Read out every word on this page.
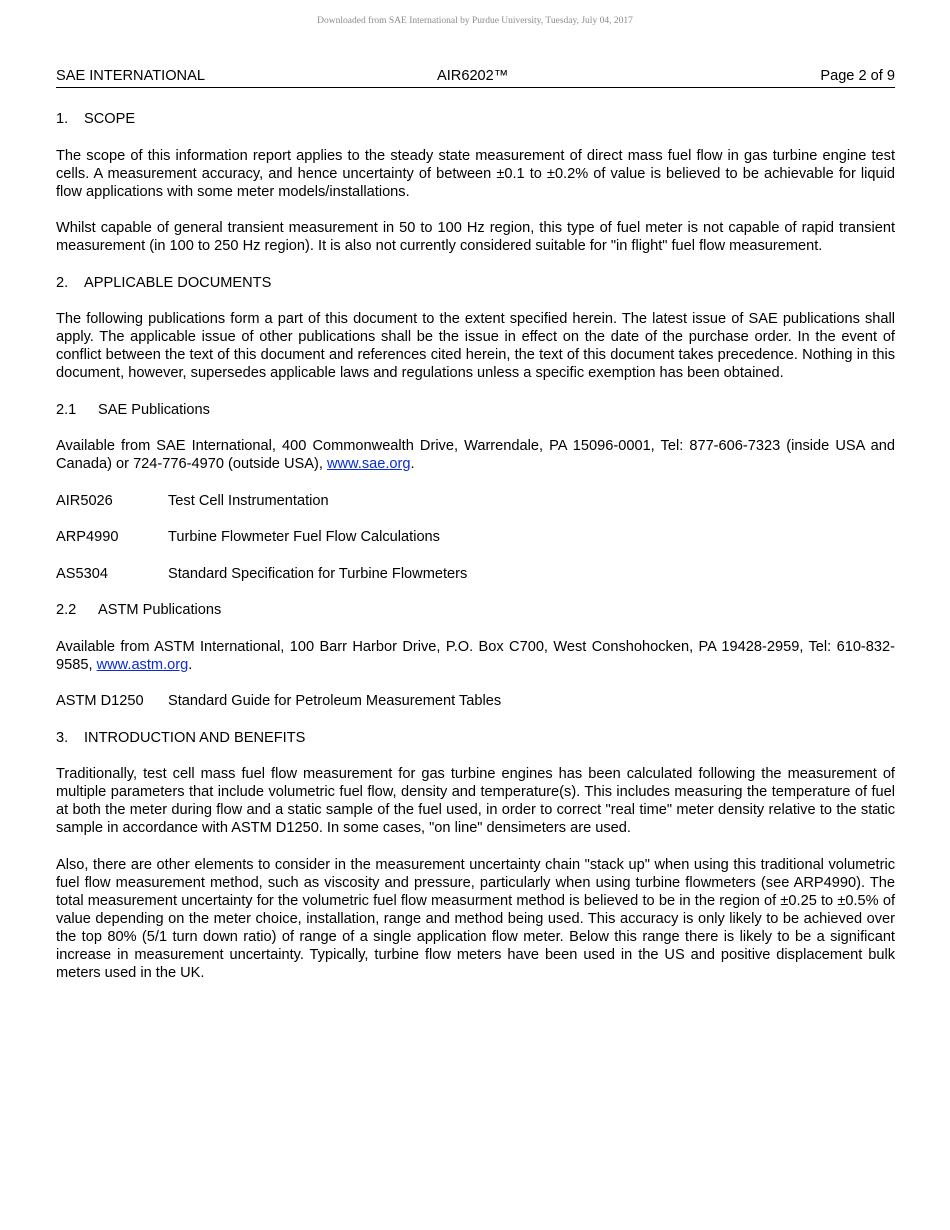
Downloaded from SAE International by Purdue University, Tuesday, July 04, 2017
SAE INTERNATIONAL	AIR6202™	Page 2 of 9

1. SCOPE

The scope of this information report applies to the steady state measurement of direct mass fuel flow in gas turbine engine test cells. A measurement accuracy, and hence uncertainty of between ±0.1 to ±0.2% of value is believed to be achievable for liquid flow applications with some meter models/installations.

Whilst capable of general transient measurement in 50 to 100 Hz region, this type of fuel meter is not capable of rapid transient measurement (in 100 to 250 Hz region). It is also not currently considered suitable for "in flight" fuel flow measurement.

2. APPLICABLE DOCUMENTS

The following publications form a part of this document to the extent specified herein. The latest issue of SAE publications shall apply. The applicable issue of other publications shall be the issue in effect on the date of the purchase order. In the event of conflict between the text of this document and references cited herein, the text of this document takes precedence. Nothing in this document, however, supersedes applicable laws and regulations unless a specific exemption has been obtained.

2.1 SAE Publications

Available from SAE International, 400 Commonwealth Drive, Warrendale, PA 15096-0001, Tel: 877-606-7323 (inside USA and Canada) or 724-776-4970 (outside USA), www.sae.org.

AIR5026	Test Cell Instrumentation

ARP4990	Turbine Flowmeter Fuel Flow Calculations

AS5304	Standard Specification for Turbine Flowmeters

2.2 ASTM Publications

Available from ASTM International, 100 Barr Harbor Drive, P.O. Box C700, West Conshohocken, PA 19428-2959, Tel: 610-832-9585, www.astm.org.

ASTM D1250	Standard Guide for Petroleum Measurement Tables

3. INTRODUCTION AND BENEFITS

Traditionally, test cell mass fuel flow measurement for gas turbine engines has been calculated following the measurement of multiple parameters that include volumetric fuel flow, density and temperature(s). This includes measuring the temperature of fuel at both the meter during flow and a static sample of the fuel used, in order to correct "real time" meter density relative to the static sample in accordance with ASTM D1250. In some cases, "on line" densimeters are used.

Also, there are other elements to consider in the measurement uncertainty chain "stack up" when using this traditional volumetric fuel flow measurement method, such as viscosity and pressure, particularly when using turbine flowmeters (see ARP4990). The total measurement uncertainty for the volumetric fuel flow measurment method is believed to be in the region of ±0.25 to ±0.5% of value depending on the meter choice, installation, range and method being used. This accuracy is only likely to be achieved over the top 80% (5/1 turn down ratio) of range of a single application flow meter. Below this range there is likely to be a significant increase in measurement uncertainty. Typically, turbine flow meters have been used in the US and positive displacement bulk meters used in the UK.
